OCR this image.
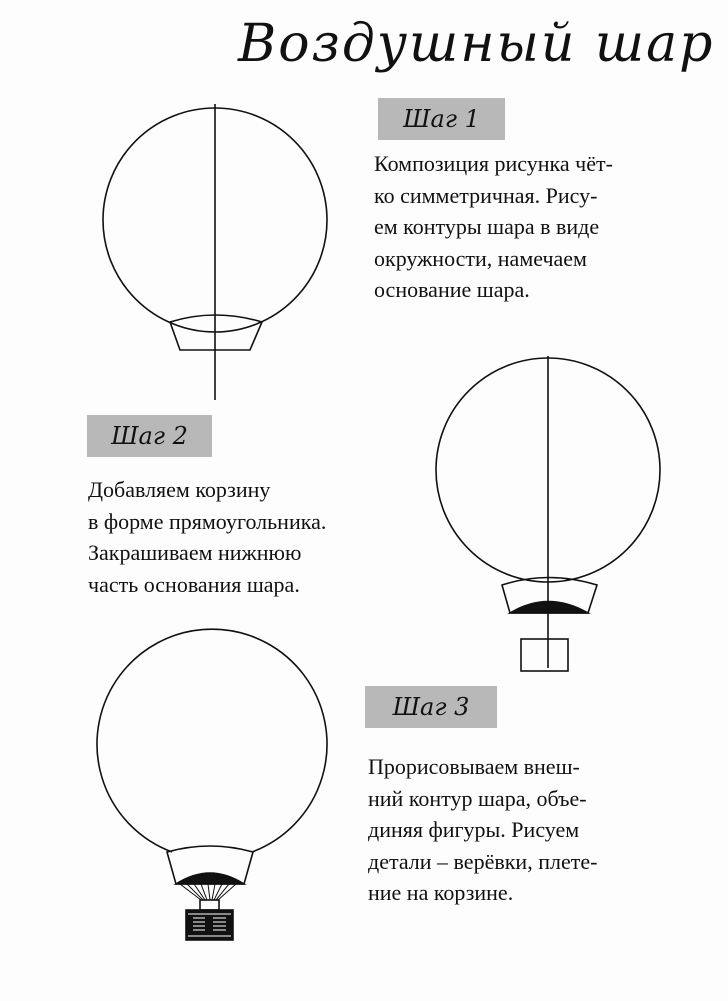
Воздушный шар
Шаг 1
Композиция рисунка чёт-
ко симметричная. Рису-
ем контуры шара в виде
окружности, намечаем
основание шара.
Шаг 2
Добавляем корзину
в форме прямоугольника.
Закрашиваем нижнюю
часть основания шара.
Шаг 3
Прорисовываем внеш-
ний контур шара, объе-
диняя фигуры. Рисуем
детали – верёвки, плете-
ние на корзине.
